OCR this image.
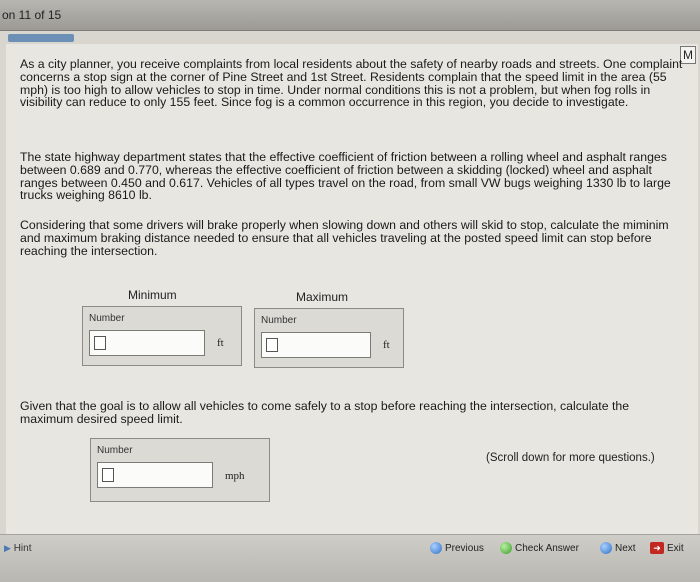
on 11 of 15
M

As a city planner, you receive complaints from local residents about the safety of nearby roads and streets. One complaint concerns a stop sign at the corner of Pine Street and 1st Street. Residents complain that the speed limit in the area (55 mph) is too high to allow vehicles to stop in time. Under normal conditions this is not a problem, but when fog rolls in visibility can reduce to only 155 feet. Since fog is a common occurrence in this region, you decide to investigate.

The state highway department states that the effective coefficient of friction between a rolling wheel and asphalt ranges between 0.689 and 0.770, whereas the effective coefficient of friction between a skidding (locked) wheel and asphalt ranges between 0.450 and 0.617. Vehicles of all types travel on the road, from small VW bugs weighing 1330 lb to large trucks weighing 8610 lb.

Considering that some drivers will brake properly when slowing down and others will skid to stop, calculate the miminim and maximum braking distance needed to ensure that all vehicles traveling at the posted speed limit can stop before reaching the intersection.

Minimum	Maximum
Number
ft
Number
ft

Given that the goal is to allow all vehicles to come safely to a stop before reaching the intersection, calculate the maximum desired speed limit.

Number
mph
(Scroll down for more questions.)
▶ Hint	Previous	Check Answer	Next	➜ Exit
